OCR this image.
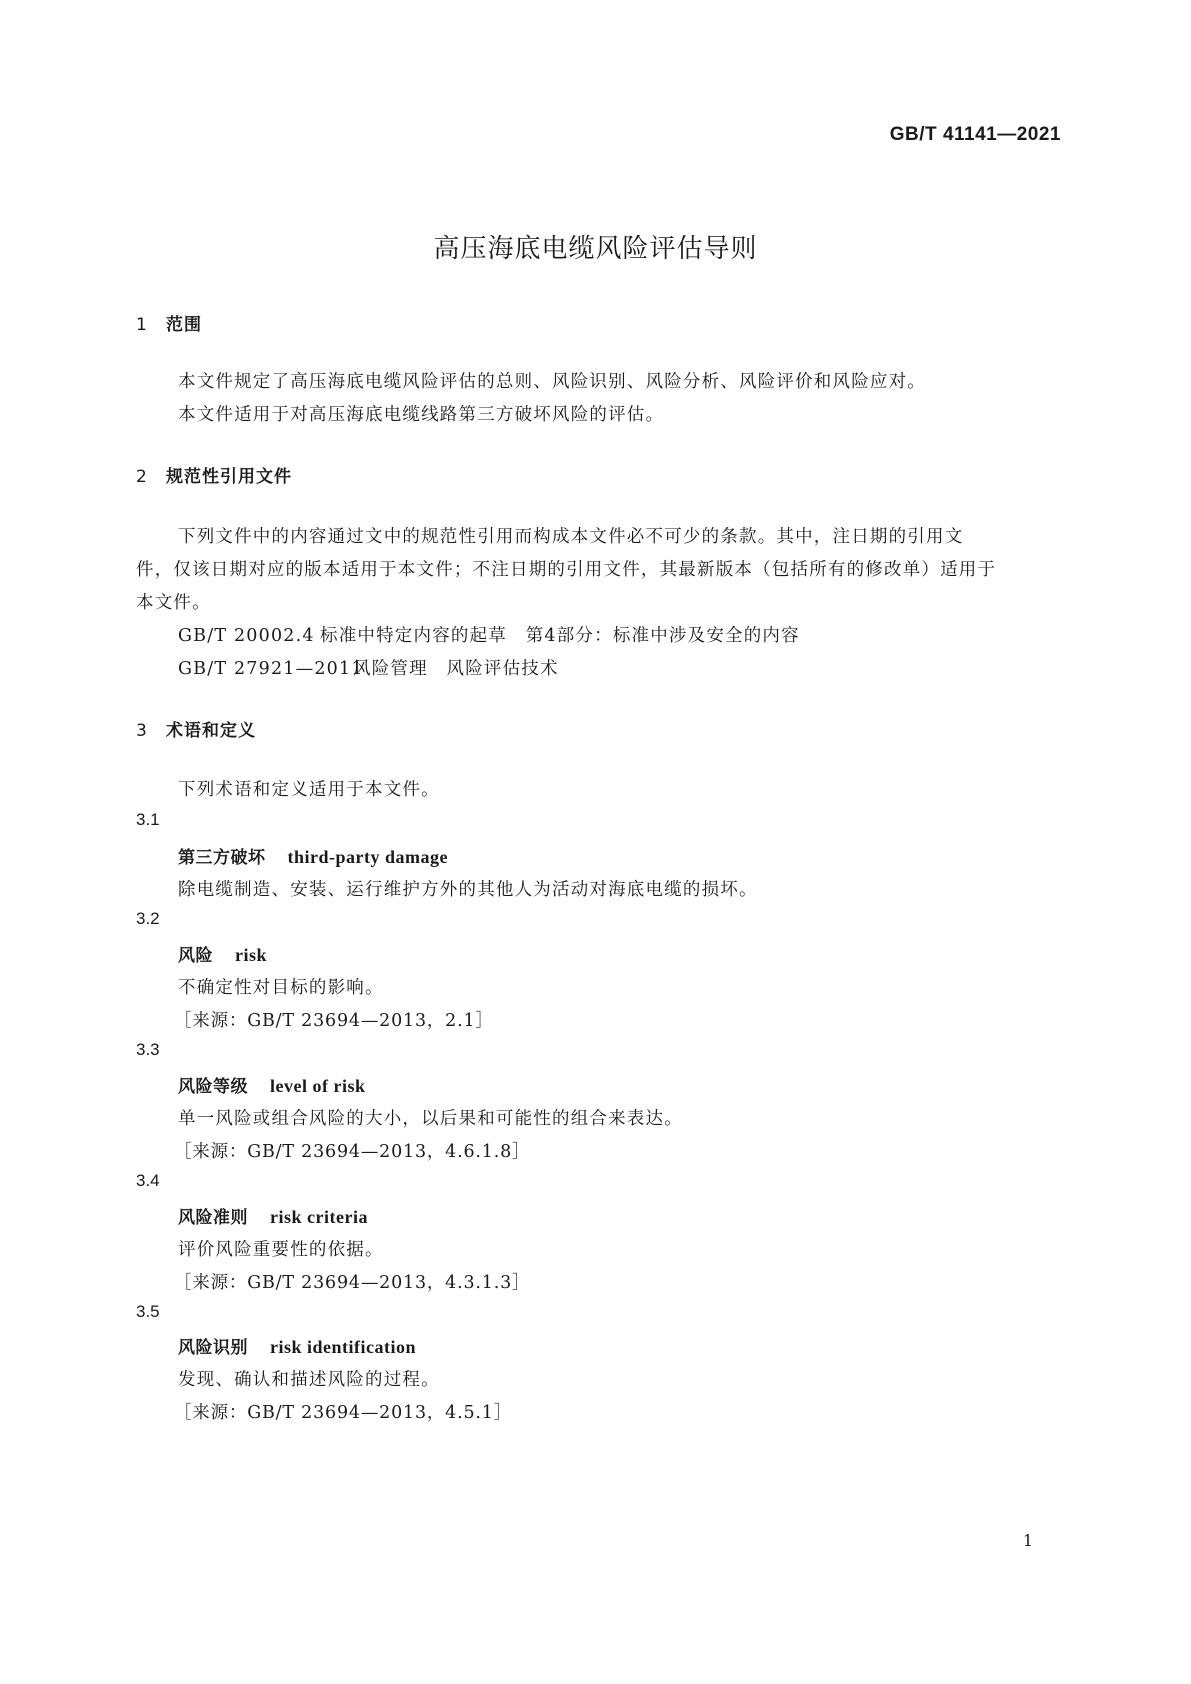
GB/T 41141—2021
高压海底电缆风险评估导则
1 范围
本文件规定了高压海底电缆风险评估的总则、风险识别、风险分析、风险评价和风险应对。
本文件适用于对高压海底电缆线路第三方破坏风险的评估。
2 规范性引用文件
下列文件中的内容通过文中的规范性引用而构成本文件必不可少的条款。其中，注日期的引用文
件，仅该日期对应的版本适用于本文件；不注日期的引用文件，其最新版本（包括所有的修改单）适用于
本文件。
GB/T 20002.4 标准中特定内容的起草　第4部分：标准中涉及安全的内容
GB/T 27921—2011风险管理　风险评估技术
3 术语和定义
下列术语和定义适用于本文件。
3.1
第三方破坏 third-party damage
除电缆制造、安装、运行维护方外的其他人为活动对海底电缆的损坏。
3.2
风险 risk
不确定性对目标的影响。
［来源：GB/T 23694—2013，2.1］
3.3
风险等级 level of risk
单一风险或组合风险的大小，以后果和可能性的组合来表达。
［来源：GB/T 23694—2013，4.6.1.8］
3.4
风险准则 risk criteria
评价风险重要性的依据。
［来源：GB/T 23694—2013，4.3.1.3］
3.5
风险识别 risk identification
发现、确认和描述风险的过程。
［来源：GB/T 23694—2013，4.5.1］
1
